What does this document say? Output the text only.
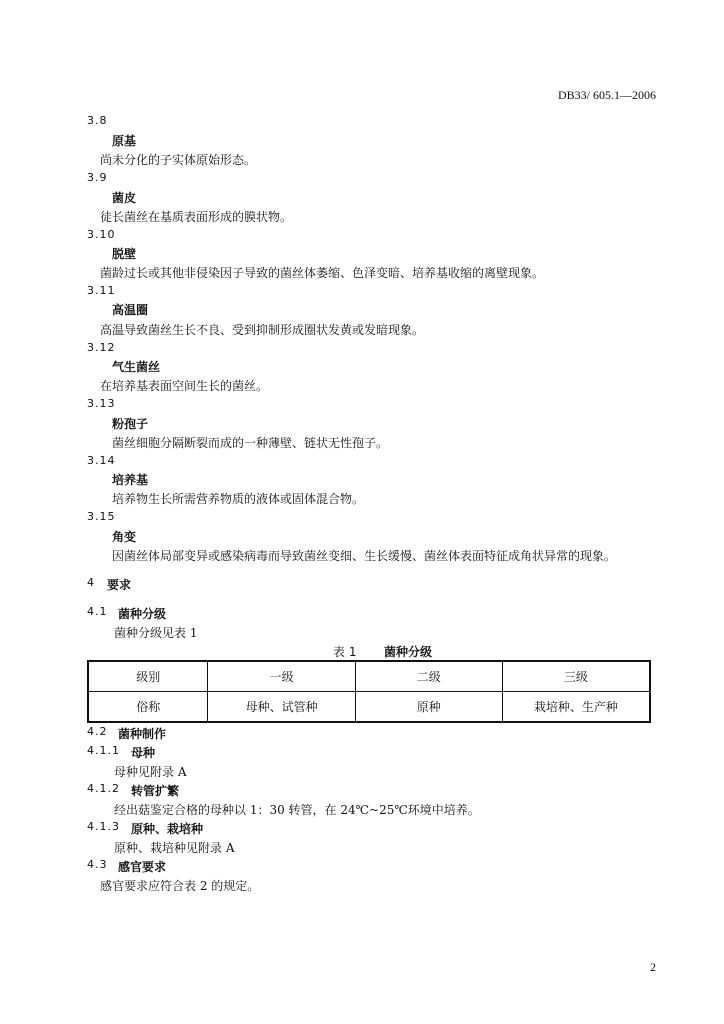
DB33/ 605.1—2006
3.8
原基
尚未分化的子实体原始形态。
3.9
菌皮
徒长菌丝在基质表面形成的膜状物。
3.10
脱壁
菌龄过长或其他非侵染因子导致的菌丝体萎缩、色泽变暗、培养基收缩的离壁现象。
3.11
高温圈
高温导致菌丝生长不良、受到抑制形成圈状发黄或发暗现象。
3.12
气生菌丝
在培养基表面空间生长的菌丝。
3.13
粉孢子
菌丝细胞分隔断裂而成的一种薄壁、链状无性孢子。
3.14
培养基
培养物生长所需营养物质的液体或固体混合物。
3.15
角变
因菌丝体局部变异或感染病毒而导致菌丝变细、生长缓慢、菌丝体表面特征成角状异常的现象。
4 要求
4.1 菌种分级
菌种分级见表 1
表 1 菌种分级
级别	一级	二级	三级
俗称	母种、试管种	原种	栽培种、生产种
4.2 菌种制作
4.1.1 母种
母种见附录 A
4.1.2 转管扩繁
经出菇鉴定合格的母种以 1：30 转管，在 24℃~25℃环境中培养。
4.1.3 原种、栽培种
原种、栽培种见附录 A
4.3 感官要求
感官要求应符合表 2 的规定。
2
